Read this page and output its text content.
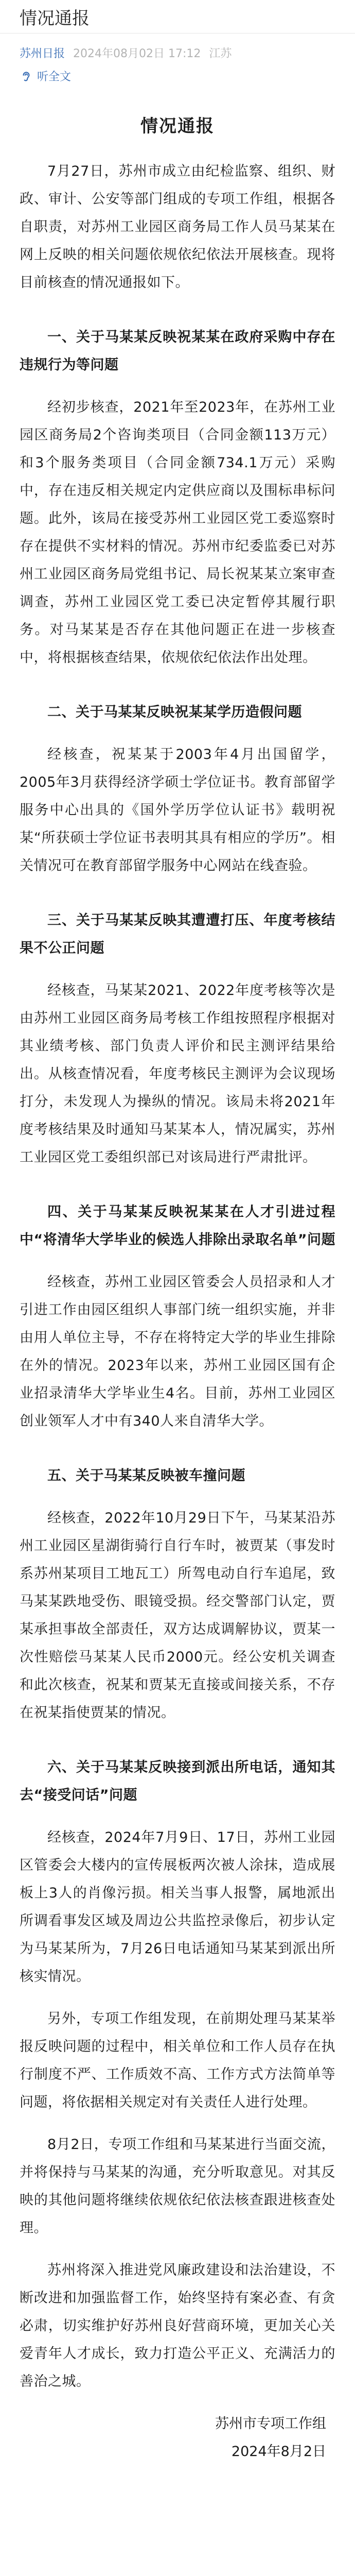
情况通报
苏州日报 2024年08月02日 17:12 江苏
听全文
情况通报

7月27日，苏州市成立由纪检监察、组织、财政、审计、公安等部门组成的专项工作组，根据各自职责，对苏州工业园区商务局工作人员马某某在网上反映的相关问题依规依纪依法开展核查。现将目前核查的情况通报如下。

一、关于马某某反映祝某某在政府采购中存在违规行为等问题

经初步核查，2021年至2023年，在苏州工业园区商务局2个咨询类项目（合同金额113万元）和3个服务类项目（合同金额734.1万元）采购中，存在违反相关规定内定供应商以及围标串标问题。此外，该局在接受苏州工业园区党工委巡察时存在提供不实材料的情况。苏州市纪委监委已对苏州工业园区商务局党组书记、局长祝某某立案审查调查，苏州工业园区党工委已决定暂停其履行职务。对马某某是否存在其他问题正在进一步核查中，将根据核查结果，依规依纪依法作出处理。

二、关于马某某反映祝某某学历造假问题

经核查，祝某某于2003年4月出国留学，2005年3月获得经济学硕士学位证书。教育部留学服务中心出具的《国外学历学位认证书》载明祝某“所获硕士学位证书表明其具有相应的学历”。相关情况可在教育部留学服务中心网站在线查验。

三、关于马某某反映其遭遭打压、年度考核结果不公正问题

经核查，马某某2021、2022年度考核等次是由苏州工业园区商务局考核工作组按照程序根据对其业绩考核、部门负责人评价和民主测评结果给出。从核查情况看，年度考核民主测评为会议现场打分，未发现人为操纵的情况。该局未将2021年度考核结果及时通知马某某本人，情况属实，苏州工业园区党工委组织部已对该局进行严肃批评。

四、关于马某某反映祝某某在人才引进过程中“将清华大学毕业的候选人排除出录取名单”问题

经核查，苏州工业园区管委会人员招录和人才引进工作由园区组织人事部门统一组织实施，并非由用人单位主导，不存在将特定大学的毕业生排除在外的情况。2023年以来，苏州工业园区国有企业招录清华大学毕业生4名。目前，苏州工业园区创业领军人才中有340人来自清华大学。

五、关于马某某反映被车撞问题

经核查，2022年10月29日下午，马某某沿苏州工业园区星湖街骑行自行车时，被贾某（事发时系苏州某项目工地瓦工）所驾电动自行车追尾，致马某某跌地受伤、眼镜受损。经交警部门认定，贾某承担事故全部责任，双方达成调解协议，贾某一次性赔偿马某某人民币2000元。经公安机关调查和此次核查，祝某和贾某无直接或间接关系，不存在祝某指使贾某的情况。

六、关于马某某反映接到派出所电话，通知其去“接受问话”问题

经核查，2024年7月9日、17日，苏州工业园区管委会大楼内的宣传展板两次被人涂抹，造成展板上3人的肖像污损。相关当事人报警，属地派出所调看事发区域及周边公共监控录像后，初步认定为马某某所为，7月26日电话通知马某某到派出所核实情况。

另外，专项工作组发现，在前期处理马某某举报反映问题的过程中，相关单位和工作人员存在执行制度不严、工作质效不高、工作方式方法简单等问题，将依据相关规定对有关责任人进行处理。

8月2日，专项工作组和马某某进行当面交流，并将保持与马某某的沟通，充分听取意见。对其反映的其他问题将继续依规依纪依法核查跟进核查处理。

苏州将深入推进党风廉政建设和法治建设，不断改进和加强监督工作，始终坚持有案必查、有贪必肃，切实维护好苏州良好营商环境，更加关心关爱青年人才成长，致力打造公平正义、充满活力的善治之城。

苏州市专项工作组
2024年8月2日
